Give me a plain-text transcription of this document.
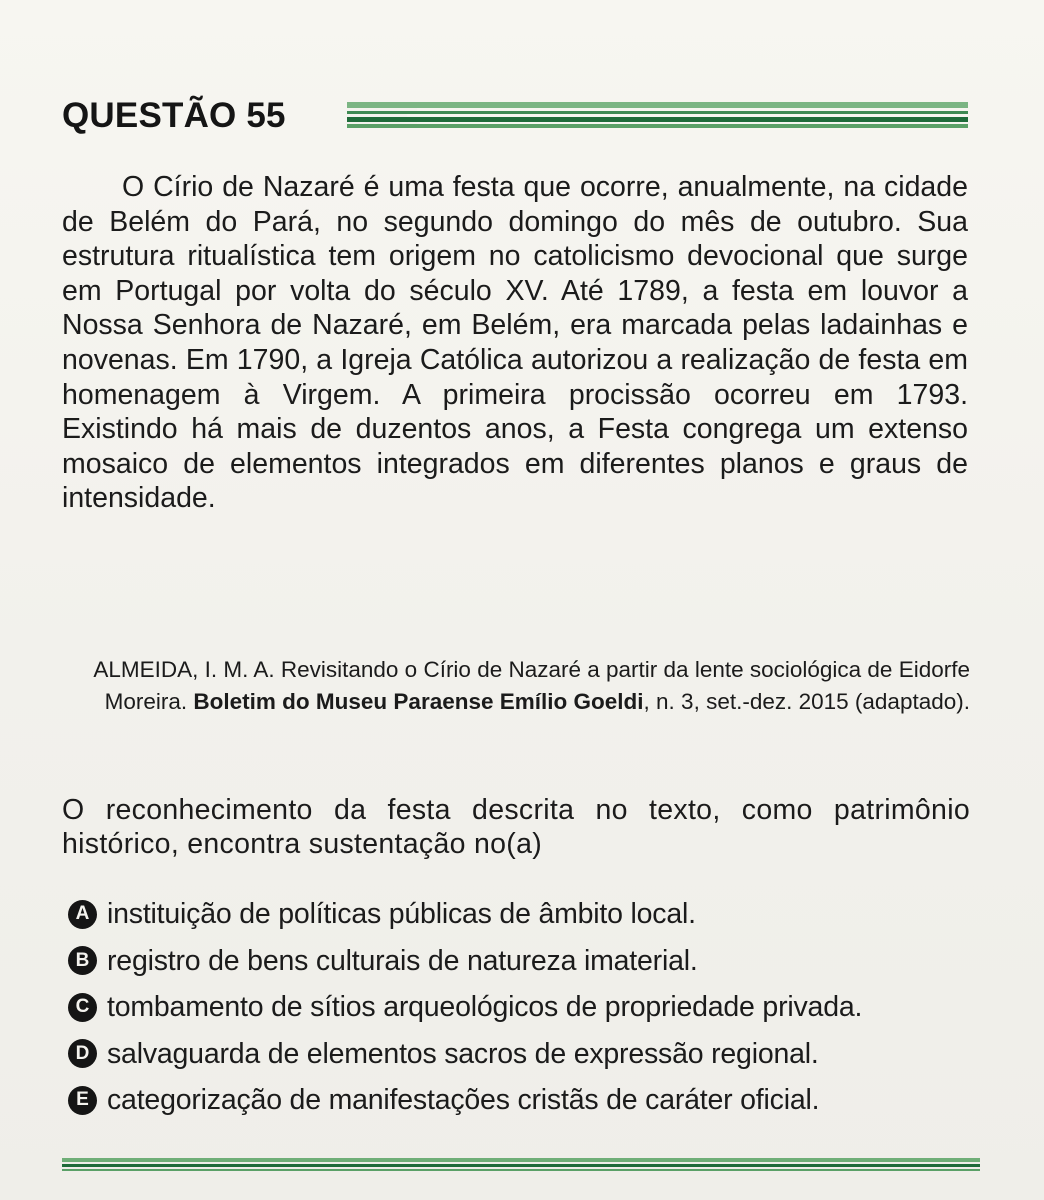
QUESTÃO 55

O Círio de Nazaré é uma festa que ocorre, anualmente, na cidade de Belém do Pará, no segundo domingo do mês de outubro. Sua estrutura ritualística tem origem no catolicismo devocional que surge em Portugal por volta do século XV. Até 1789, a festa em louvor a Nossa Senhora de Nazaré, em Belém, era marcada pelas ladainhas e novenas. Em 1790, a Igreja Católica autorizou a realização de festa em homenagem à Virgem. A primeira procissão ocorreu em 1793. Existindo há mais de duzentos anos, a Festa congrega um extenso mosaico de elementos integrados em diferentes planos e graus de intensidade.

ALMEIDA, I. M. A. Revisitando o Círio de Nazaré a partir da lente sociológica de Eidorfe Moreira. Boletim do Museu Paraense Emílio Goeldi, n. 3, set.-dez. 2015 (adaptado).

O reconhecimento da festa descrita no texto, como patrimônio histórico, encontra sustentação no(a)

A instituição de políticas públicas de âmbito local.
B registro de bens culturais de natureza imaterial.
C tombamento de sítios arqueológicos de propriedade privada.
D salvaguarda de elementos sacros de expressão regional.
E categorização de manifestações cristãs de caráter oficial.
